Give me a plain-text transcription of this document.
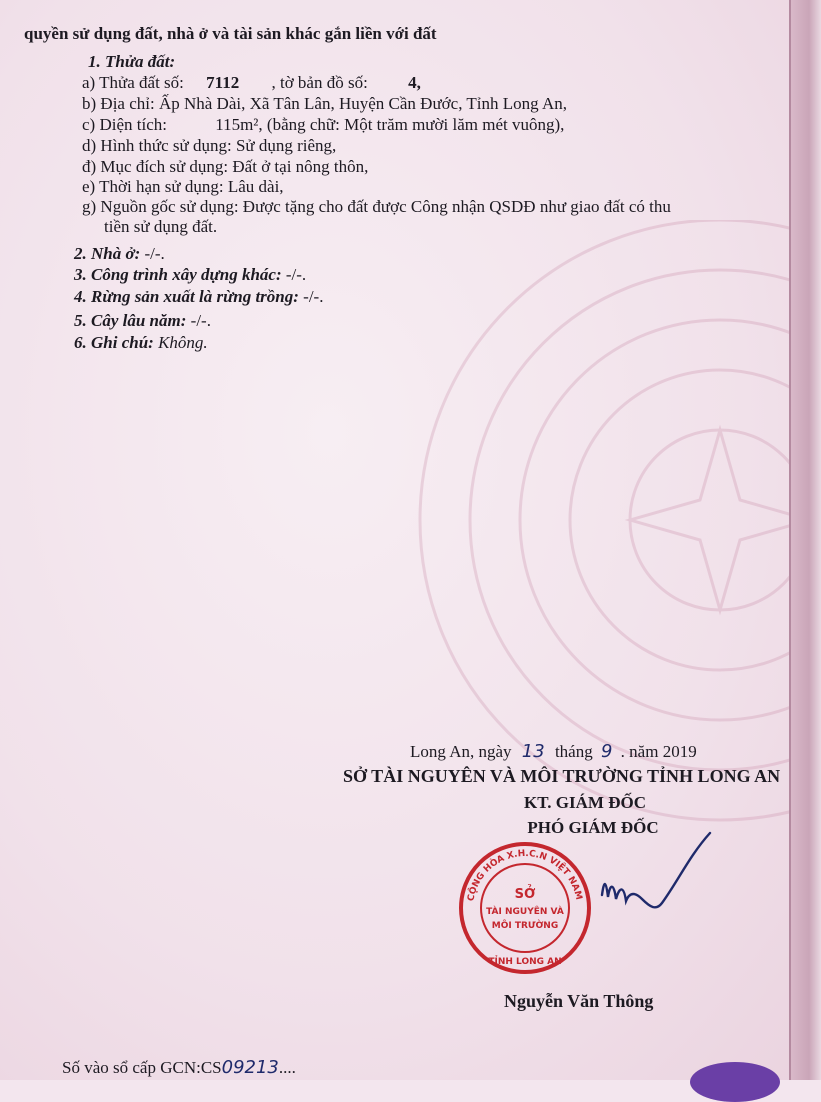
quyền sử dụng đất, nhà ở và tài sản khác gắn liền với đất
1. Thửa đất:
a) Thửa đất số: 7112 , tờ bản đồ số: 4,
b) Địa chỉ: Ấp Nhà Dài, Xã Tân Lân, Huyện Cần Đước, Tỉnh Long An,
c) Diện tích:	115m², (bằng chữ: Một trăm mười lăm mét vuông),
d) Hình thức sử dụng: Sử dụng riêng,
đ) Mục đích sử dụng: Đất ở tại nông thôn,
e) Thời hạn sử dụng: Lâu dài,
g) Nguồn gốc sử dụng: Được tặng cho đất được Công nhận QSDĐ như giao đất có thu
tiền sử dụng đất.
2. Nhà ở: -/-.
3. Công trình xây dựng khác: -/-.
4. Rừng sản xuất là rừng trồng: -/-.
5. Cây lâu năm: -/-.
6. Ghi chú: Không.
Long An, ngày 13 tháng 9 . năm 2019
SỞ TÀI NGUYÊN VÀ MÔI TRƯỜNG TỈNH LONG AN
KT. GIÁM ĐỐC
PHÓ GIÁM ĐỐC
CỘNG HÒA X.H.C.N VIỆT NAM
SỞ
TÀI NGUYÊN VÀ
MÔI TRƯỜNG
TỈNH LONG AN
Nguyễn Văn Thông
Số vào sổ cấp GCN:CS09213....
